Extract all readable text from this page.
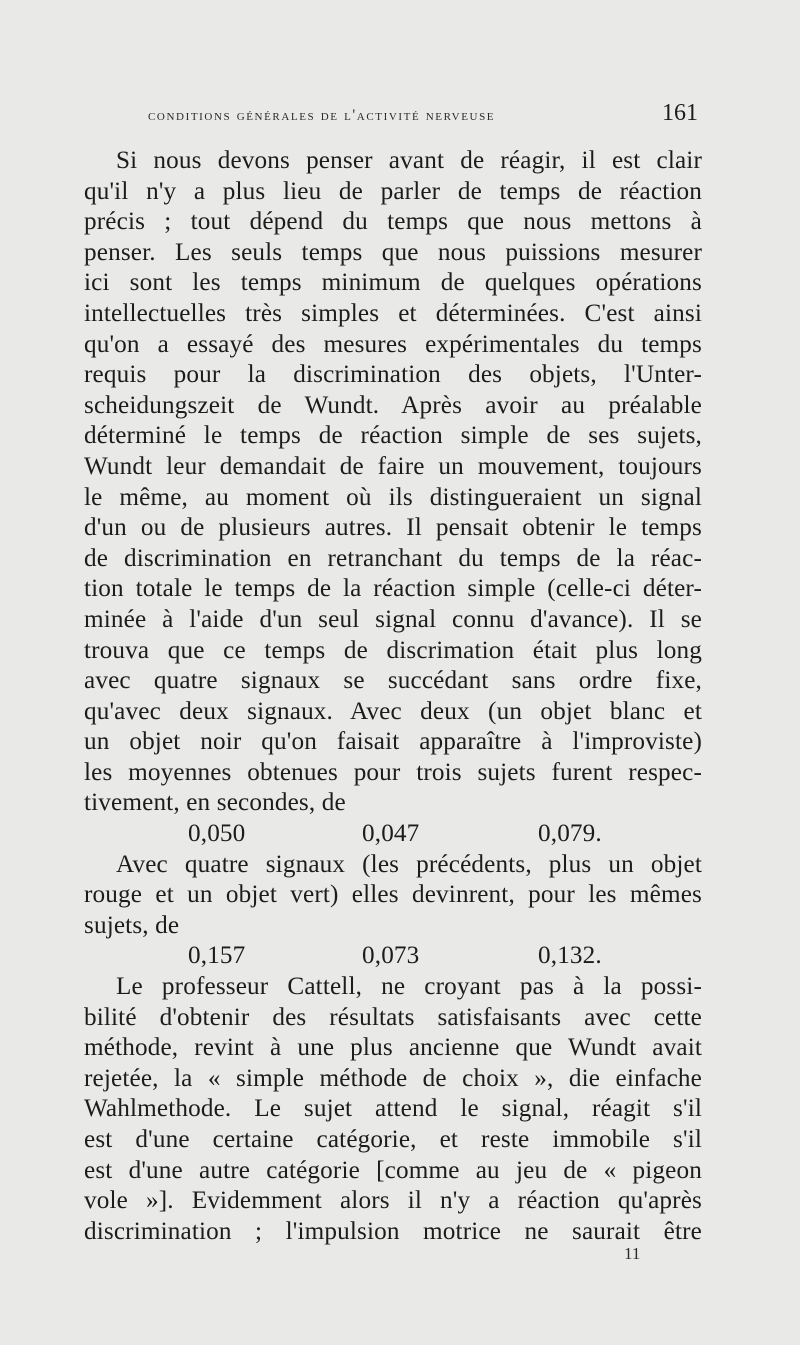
conditions générales de l'activité nerveuse	161
Si nous devons penser avant de réagir, il est clair
qu'il n'y a plus lieu de parler de temps de réaction
précis ; tout dépend du temps que nous mettons à
penser. Les seuls temps que nous puissions mesurer
ici sont les temps minimum de quelques opérations
intellectuelles très simples et déterminées. C'est ainsi
qu'on a essayé des mesures expérimentales du temps
requis pour la discrimination des objets, l'Unter-
scheidungszeit de Wundt. Après avoir au préalable
déterminé le temps de réaction simple de ses sujets,
Wundt leur demandait de faire un mouvement, toujours
le même, au moment où ils distingueraient un signal
d'un ou de plusieurs autres. Il pensait obtenir le temps
de discrimination en retranchant du temps de la réac-
tion totale le temps de la réaction simple (celle-ci déter-
minée à l'aide d'un seul signal connu d'avance). Il se
trouva que ce temps de discrimation était plus long
avec quatre signaux se succédant sans ordre fixe,
qu'avec deux signaux. Avec deux (un objet blanc et
un objet noir qu'on faisait apparaître à l'improviste)
les moyennes obtenues pour trois sujets furent respec-
tivement, en secondes, de
0,050	0,047	0,079.
Avec quatre signaux (les précédents, plus un objet
rouge et un objet vert) elles devinrent, pour les mêmes
sujets, de
0,157	0,073	0,132.
Le professeur Cattell, ne croyant pas à la possi-
bilité d'obtenir des résultats satisfaisants avec cette
méthode, revint à une plus ancienne que Wundt avait
rejetée, la « simple méthode de choix », die einfache
Wahlmethode. Le sujet attend le signal, réagit s'il
est d'une certaine catégorie, et reste immobile s'il
est d'une autre catégorie [comme au jeu de « pigeon
vole »]. Evidemment alors il n'y a réaction qu'après
discrimination ; l'impulsion motrice ne saurait être
11
